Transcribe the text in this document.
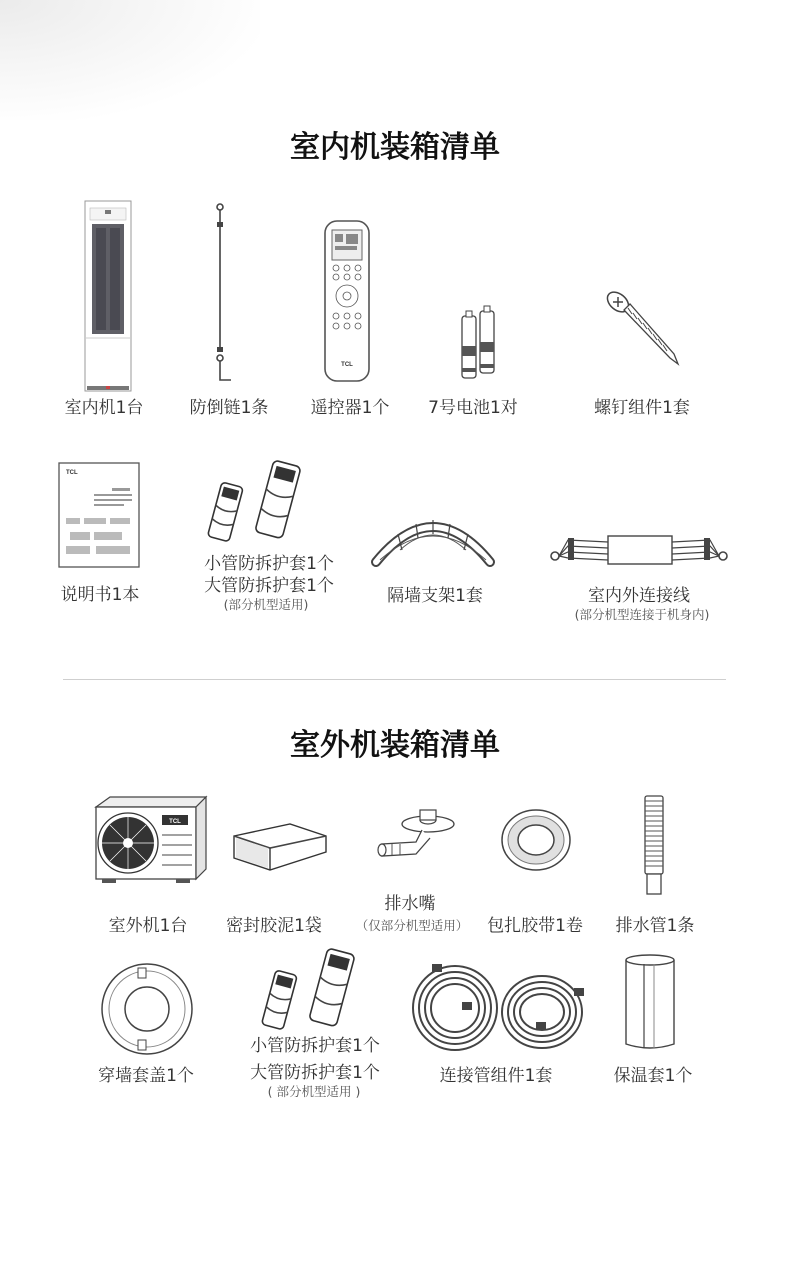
室内机装箱清单
室内机1台	防倒链1条
TCL
遥控器1个 7号电池1对	螺钉组件1套
TCL
说明书1本
小管防拆护套1个
大管防拆护套1个
(部分机型适用)	隔墙支架1套	室内外连接线
(部分机型连接于机身内)
室外机装箱清单
TCL
室外机1台 密封胶泥1袋
排水嘴
（仅部分机型适用） 包扎胶带1卷 排水管1条
穿墙套盖1个
小管防拆护套1个
大管防拆护套1个
( 部分机型适用 )
连接管组件1套	保温套1个
